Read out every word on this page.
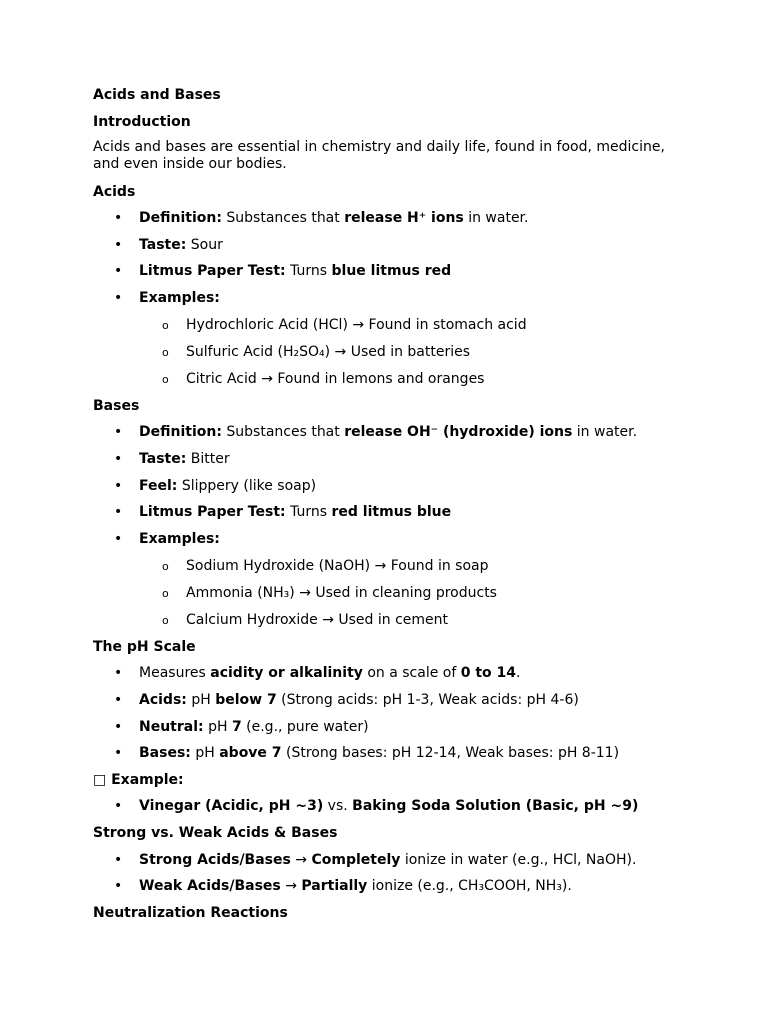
Acids and Bases
Introduction
Acids and bases are essential in chemistry and daily life, found in food, medicine, and even inside our bodies.
Acids
• Definition: Substances that release H⁺ ions in water.
• Taste: Sour
• Litmus Paper Test: Turns blue litmus red
• Examples:
o Hydrochloric Acid (HCl) → Found in stomach acid
o Sulfuric Acid (H₂SO₄) → Used in batteries
o Citric Acid → Found in lemons and oranges
Bases
• Definition: Substances that release OH⁻ (hydroxide) ions in water.
• Taste: Bitter
• Feel: Slippery (like soap)
• Litmus Paper Test: Turns red litmus blue
• Examples:
o Sodium Hydroxide (NaOH) → Found in soap
o Ammonia (NH₃) → Used in cleaning products
o Calcium Hydroxide → Used in cement
The pH Scale
• Measures acidity or alkalinity on a scale of 0 to 14.
• Acids: pH below 7 (Strong acids: pH 1-3, Weak acids: pH 4-6)
• Neutral: pH 7 (e.g., pure water)
• Bases: pH above 7 (Strong bases: pH 12-14, Weak bases: pH 8-11)
□ Example:
• Vinegar (Acidic, pH ~3) vs. Baking Soda Solution (Basic, pH ~9)
Strong vs. Weak Acids & Bases
• Strong Acids/Bases → Completely ionize in water (e.g., HCl, NaOH).
• Weak Acids/Bases → Partially ionize (e.g., CH₃COOH, NH₃).
Neutralization Reactions
